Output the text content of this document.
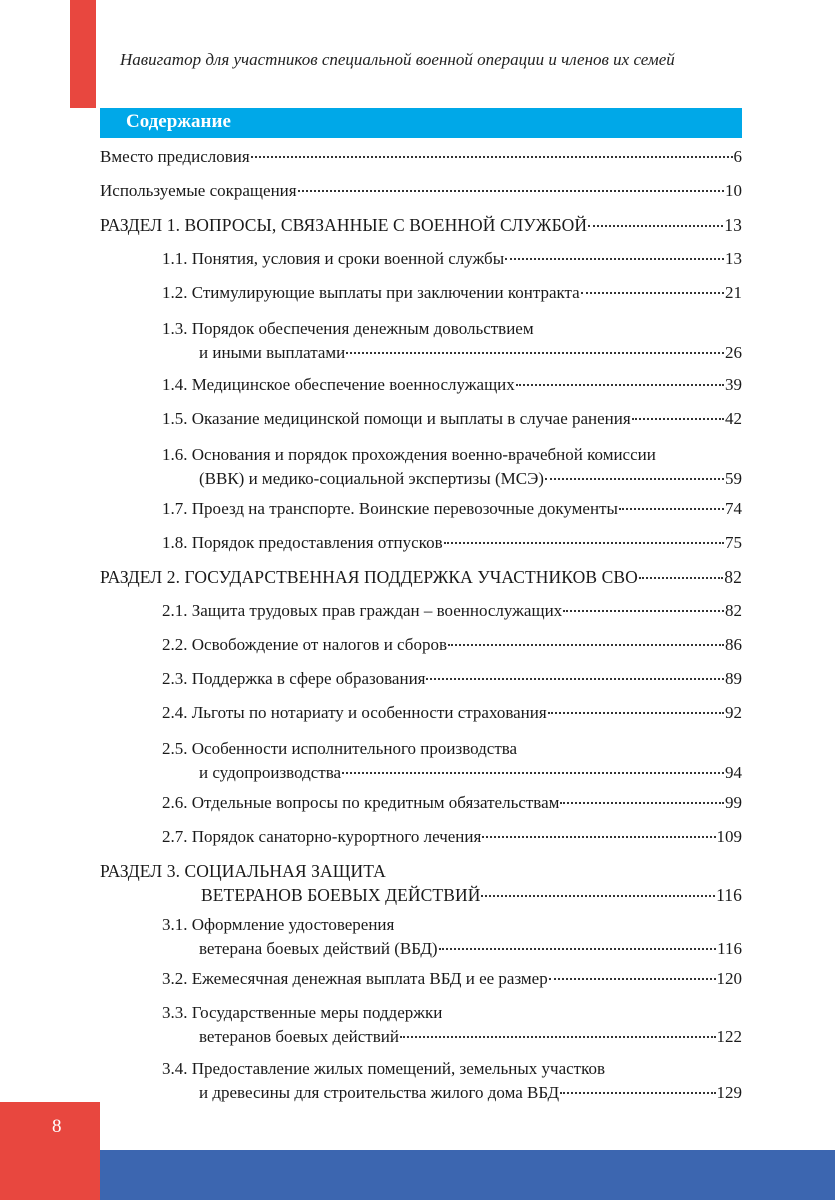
Навигатор для участников специальной военной операции и членов их семей
Содержание
Вместо предисловия	6
Используемые сокращения	10
РАЗДЕЛ 1. ВОПРОСЫ, СВЯЗАННЫЕ С ВОЕННОЙ СЛУЖБОЙ	13
1.1. Понятия, условия и сроки военной службы	13
1.2. Стимулирующие выплаты при заключении контракта	21
1.3. Порядок обеспечения денежным довольствием
и иными выплатами	26
1.4. Медицинское обеспечение военнослужащих	39
1.5. Оказание медицинской помощи и выплаты в случае ранения	42
1.6. Основания и порядок прохождения военно-врачебной комиссии
(ВВК) и медико-социальной экспертизы (МСЭ)	59
1.7. Проезд на транспорте. Воинские перевозочные документы	74
1.8. Порядок предоставления отпусков	75
РАЗДЕЛ 2. ГОСУДАРСТВЕННАЯ ПОДДЕРЖКА УЧАСТНИКОВ СВО	82
2.1. Защита трудовых прав граждан – военнослужащих	82
2.2. Освобождение от налогов и сборов	86
2.3. Поддержка в сфере образования	89
2.4. Льготы по нотариату и особенности страхования	92
2.5. Особенности исполнительного производства
и судопроизводства	94
2.6. Отдельные вопросы по кредитным обязательствам	99
2.7. Порядок санаторно-курортного лечения	109
РАЗДЕЛ 3. СОЦИАЛЬНАЯ ЗАЩИТА
ВЕТЕРАНОВ БОЕВЫХ ДЕЙСТВИЙ	116
3.1. Оформление удостоверения
ветерана боевых действий (ВБД)	116
3.2. Ежемесячная денежная выплата ВБД и ее размер	120
3.3. Государственные меры поддержки
ветеранов боевых действий	122
3.4. Предоставление жилых помещений, земельных участков
и древесины для строительства жилого дома ВБД	129
8
